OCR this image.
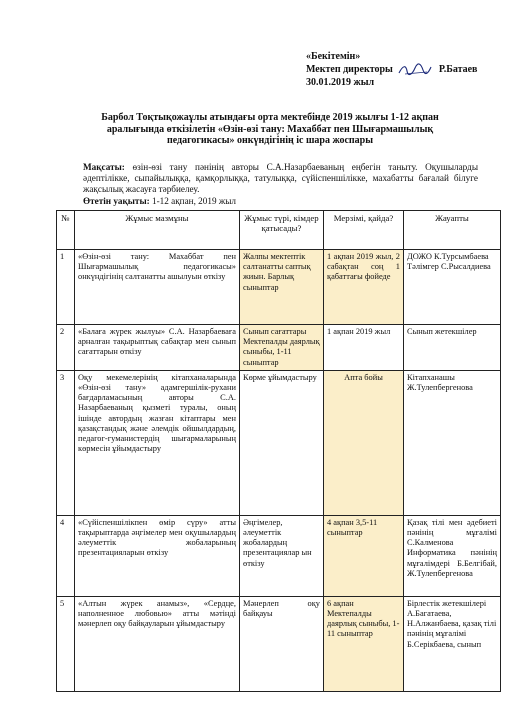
«Бекітемін»
Мектеп директоры	Р.Батаев
30.01.2019 жыл
Барбол Тоқтықожаұлы атындағы орта мектебінде 2019 жылғы 1-12 ақпан аралығында өткізілетін «Өзін-өзі тану: Махаббат пен Шығармашылық педагогикасы» онкүндігінің іс шара жоспары
Мақсаты: өзін-өзі тану пәнінің авторы С.А.Назарбаеваның еңбегін таныту. Оқушыларды әдептілікке, сыпайылыққа, қамқорлыққа, татулыққа, сүйіспеншілікке, махабатты бағалай білуге жақсылық жасауға тәрбиелеу.
Өтетін уақыты: 1-12 ақпан, 2019 жыл
№	Жұмыс мазмұны	Жұмыс түрі, кімдер қатысады?	Мерзімі, қайда?	Жауапты
1	«Өзін-өзі тану: Махаббат пен Шығармашылық педагогикасы» онкүндігінің салтанатты ашылуын өткізу	Жалпы мектептік салтанатты саптық жиын. Барлық сыныптар	1 ақпан 2019 жыл, 2 сабақтан соң 1 қабаттағы фойеде	ДОЖО К.Турсымбаева Тәлімгер С.Рысалдиева
2	«Балаға жүрек жылуы» С.А. Назарбаеваға арналған тақырыптық сабақтар мен сынып сағаттарын өткізу	Сынып сағаттары Мектепалды даярлық сыныбы, 1-11 сыныптар	1 ақпан 2019 жыл	Сынып жетекшілер
3	Оқу мекемелерінің кітапханаларында «Өзін-өзі тану» адамгершілік-рухани бағдарламасының авторы С.А. Назарбаеваның қызметі туралы, оның ішінде автордың жазған кітаптары мен қазақстандық және әлемдік ойшылдардың, педагог-гуманистердің шығармаларының көрмесін ұйымдастыру	Көрме ұйымдастыру	Апта бойы	Кітапханашы Ж.Тулепбергенова
4	«Сүйіспеншілікпен өмір сүру» атты тақырыптарда әңгімелер мен оқушылардың әлеуметтік жобаларының презентацияларын өткізу	Әңгімелер, әлеуметтік жобалардың презентациялар ын өткізу	4 ақпан 3,5-11 сыныптар	Қазақ тілі мен әдебиеті пәнінің мұғалімі С.Калменова Информатика пәнінің мұғалімдері Б.Белгібай, Ж.Тулепбергенова
5	«Алтын жүрек анамыз», «Сердце, наполненное любовью» атты мәтінді мәнерлеп оқу байқауларын ұйымдастыру	Мәнерлеп оқу байқауы	6 ақпан Мектепалды даярлық сыныбы, 1-11 сыныптар	Бірлестік жетекшілері А.Багатаева, Н.Алжанбаева, қазақ тілі пәнінің мұғалімі Б.Серікбаева, сынып
